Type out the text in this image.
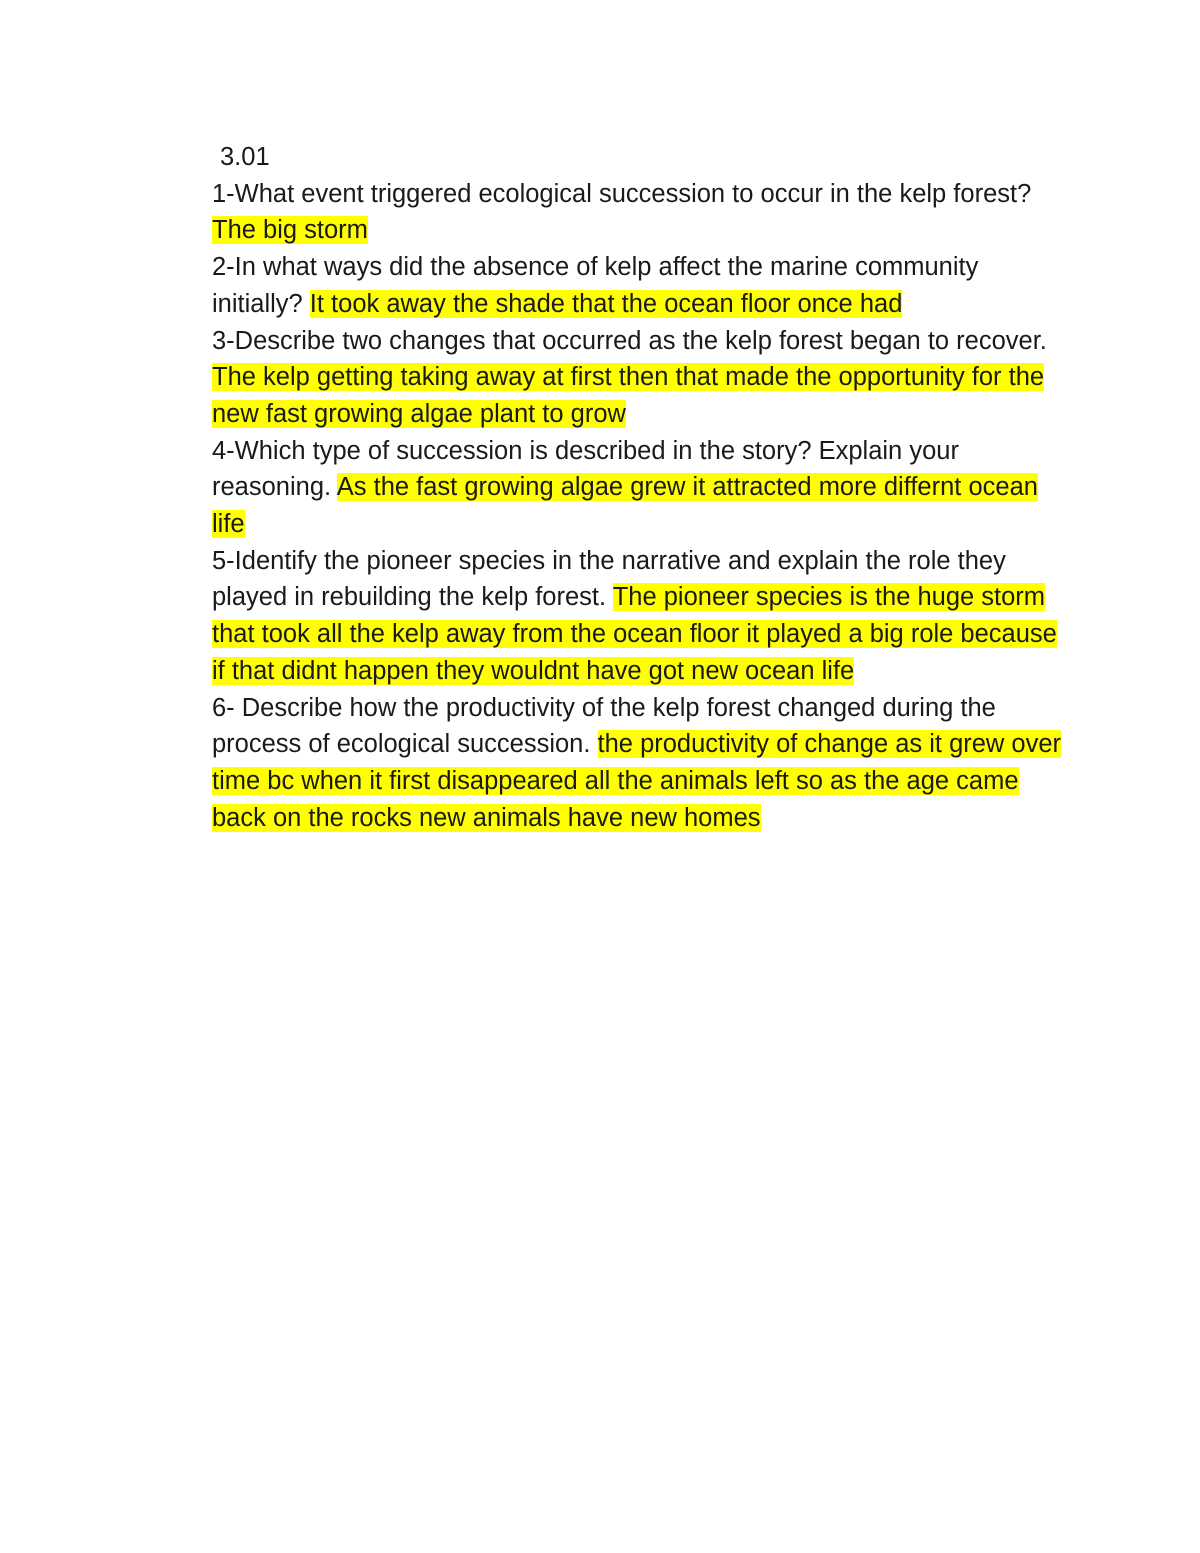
3.01

1-What event triggered ecological succession to occur in the kelp forest? The big storm

2-In what ways did the absence of kelp affect the marine community initially? It took away the shade that the ocean floor once had

3-Describe two changes that occurred as the kelp forest began to recover. The kelp getting taking away at first then that made the opportunity for the new fast growing algae plant to grow

4-Which type of succession is described in the story? Explain your reasoning. As the fast growing algae grew it attracted more differnt ocean life

5-Identify the pioneer species in the narrative and explain the role they played in rebuilding the kelp forest. The pioneer species is the huge storm that took all the kelp away from the ocean floor it played a big role because if that didnt happen they wouldnt have got new ocean life

6- Describe how the productivity of the kelp forest changed during the process of ecological succession. the productivity of change as it grew over time bc when it first disappeared all the animals left so as the age came back on the rocks new animals have new homes
